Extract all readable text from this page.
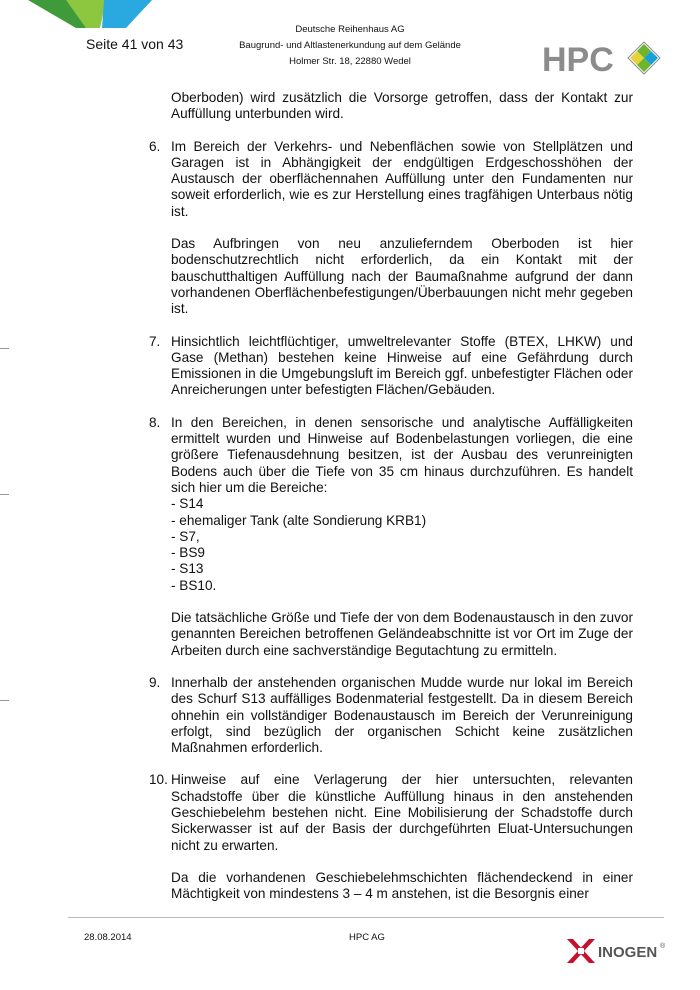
Seite 41 von 43
Deutsche Reihenhaus AG
Baugrund- und Altlastenerkundung auf dem Gelände
Holmer Str. 18, 22880 Wedel	HPC

Oberboden) wird zusätzlich die Vorsorge getroffen, dass der Kontakt zur Auffüllung unterbunden wird.

6. Im Bereich der Verkehrs- und Nebenflächen sowie von Stellplätzen und Garagen ist in Abhängigkeit der endgültigen Erdgeschosshöhen der Austausch der oberflächennahen Auffüllung unter den Fundamenten nur soweit erforderlich, wie es zur Herstellung eines tragfähigen Unterbaus nötig ist.

Das Aufbringen von neu anzulieferndem Oberboden ist hier bodenschutzrechtlich nicht erforderlich, da ein Kontakt mit der bauschutthaltigen Auffüllung nach der Baumaßnahme aufgrund der dann vorhandenen Oberflächenbefestigungen/Überbauungen nicht mehr gegeben ist.

7. Hinsichtlich leichtflüchtiger, umweltrelevanter Stoffe (BTEX, LHKW) und Gase (Methan) bestehen keine Hinweise auf eine Gefährdung durch Emissionen in die Umgebungsluft im Bereich ggf. unbefestigter Flächen oder Anreicherungen unter befestigten Flächen/Gebäuden.

8. In den Bereichen, in denen sensorische und analytische Auffälligkeiten ermittelt wurden und Hinweise auf Bodenbelastungen vorliegen, die eine größere Tiefenausdehnung besitzen, ist der Ausbau des verunreinigten Bodens auch über die Tiefe von 35 cm hinaus durchzuführen. Es handelt sich hier um die Bereiche:

- S14
- ehemaliger Tank (alte Sondierung KRB1)
- S7,
- BS9
- S13
- BS10.

Die tatsächliche Größe und Tiefe der von dem Bodenaustausch in den zuvor genannten Bereichen betroffenen Geländeabschnitte ist vor Ort im Zuge der Arbeiten durch eine sachverständige Begutachtung zu ermitteln.

9. Innerhalb der anstehenden organischen Mudde wurde nur lokal im Bereich des Schurf S13 auffälliges Bodenmaterial festgestellt. Da in diesem Bereich ohnehin ein vollständiger Bodenaustausch im Bereich der Verunreinigung erfolgt, sind bezüglich der organischen Schicht keine zusätzlichen Maßnahmen erforderlich.

10. Hinweise auf eine Verlagerung der hier untersuchten, relevanten Schadstoffe über die künstliche Auffüllung hinaus in den anstehenden Geschiebelehm bestehen nicht. Eine Mobilisierung der Schadstoffe durch Sickerwasser ist auf der Basis der durchgeführten Eluat-Untersuchungen nicht zu erwarten.

Da die vorhandenen Geschiebelehmschichten flächendeckend in einer Mächtigkeit von mindestens 3 – 4 m anstehen, ist die Besorgnis einer

28.08.2014	HPC AG
INOGEN ®
